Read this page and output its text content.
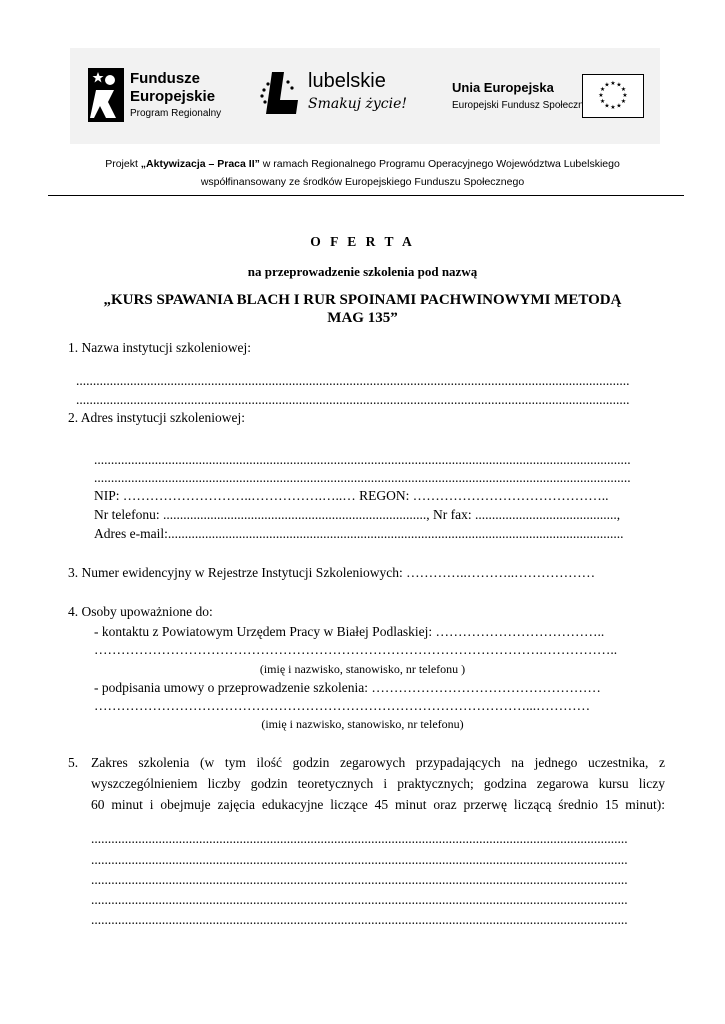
Fundusze
Europejskie
Program Regionalny
lubelskie
Smakuj życie!
Unia Europejska
Europejski Fundusz Społeczny
★ ★
★
★
★
★
★
★
★
★
★
★
Projekt „Aktywizacja – Praca II” w ramach Regionalnego Programu Operacyjnego Województwa Lubelskiego
współfinansowany ze środków Europejskiego Funduszu Społecznego
O F E R T A
na przeprowadzenie szkolenia pod nazwą
„KURS SPAWANIA BLACH I RUR SPOINAMI PACHWINOWYMI METODĄ
MAG 135”
1. Nazwa instytucji szkoleniowej:
....................................................................................................................................................................
....................................................................................................................................................................
2. Adres instytucji szkoleniowej:
...............................................................................................................................................................
...............................................................................................................................................................
NIP: ………………………..…………….…..… REGON: ……………………………………..
Nr telefonu: .............................................................................., Nr fax: ..........................................,
Adres e-mail:.......................................................................................................................................
3. Numer ewidencyjny w Rejestrze Instytucji Szkoleniowych: …………..………..………………
4. Osoby upoważnione do:
- kontaktu z Powiatowym Urzędem Pracy w Białej Podlaskiej: ………………………………..
……………………………………………………………………………………….……………..
(imię i nazwisko, stanowisko, nr telefonu )
- podpisania umowy o przeprowadzenie szkolenia: ……………………………………………
……………………………………………………………………………………...…………
(imię i nazwisko, stanowisko, nr telefonu)
5. Zakres szkolenia (w tym ilość godzin zegarowych przypadających na jednego uczestnika, z
wyszczególnieniem liczby godzin teoretycznych i praktycznych; godzina zegarowa kursu liczy
60 minut i obejmuje zajęcia edukacyjne liczące 45 minut oraz przerwę liczącą średnio 15 minut):
...............................................................................................................................................................
...............................................................................................................................................................
...............................................................................................................................................................
...............................................................................................................................................................
...............................................................................................................................................................
